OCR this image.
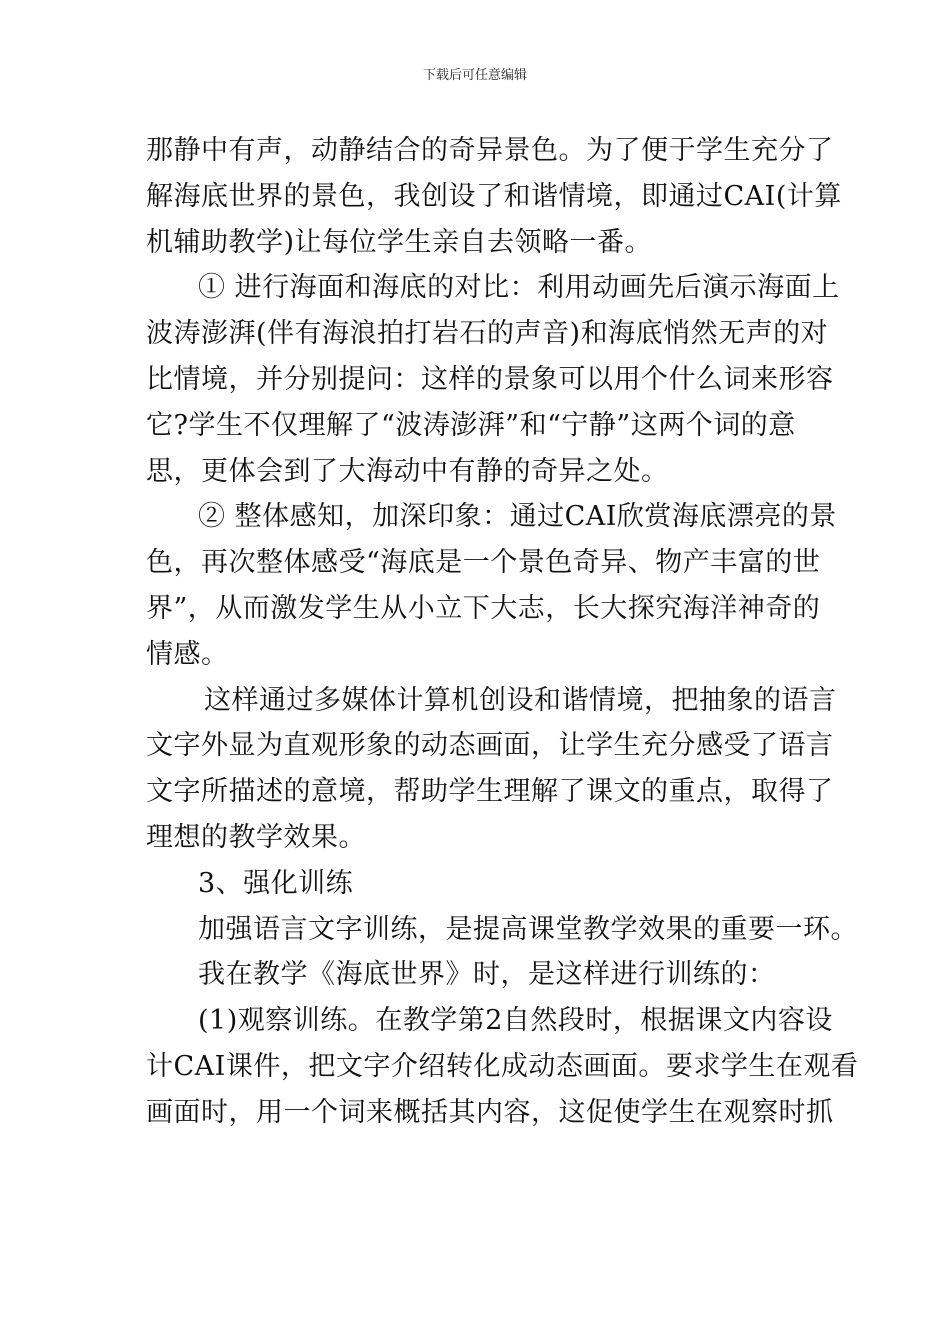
下载后可任意编辑
那静中有声，动静结合的奇异景色。为了便于学生充分了
解海底世界的景色，我创设了和谐情境，即通过CAI(计算
机辅助教学)让每位学生亲自去领略一番。
① 进行海面和海底的对比：利用动画先后演示海面上
波涛澎湃(伴有海浪拍打岩石的声音)和海底悄然无声的对
比情境，并分别提问：这样的景象可以用个什么词来形容
它?学生不仅理解了“波涛澎湃”和“宁静”这两个词的意
思，更体会到了大海动中有静的奇异之处。
② 整体感知，加深印象：通过CAI欣赏海底漂亮的景
色，再次整体感受“海底是一个景色奇异、物产丰富的世
界”，从而激发学生从小立下大志，长大探究海洋神奇的
情感。
这样通过多媒体计算机创设和谐情境，把抽象的语言
文字外显为直观形象的动态画面，让学生充分感受了语言
文字所描述的意境，帮助学生理解了课文的重点，取得了
理想的教学效果。
3、强化训练
加强语言文字训练，是提高课堂教学效果的重要一环。
我在教学《海底世界》时，是这样进行训练的：
(1)观察训练。在教学第2自然段时，根据课文内容设
计CAI课件，把文字介绍转化成动态画面。要求学生在观看
画面时，用一个词来概括其内容，这促使学生在观察时抓
